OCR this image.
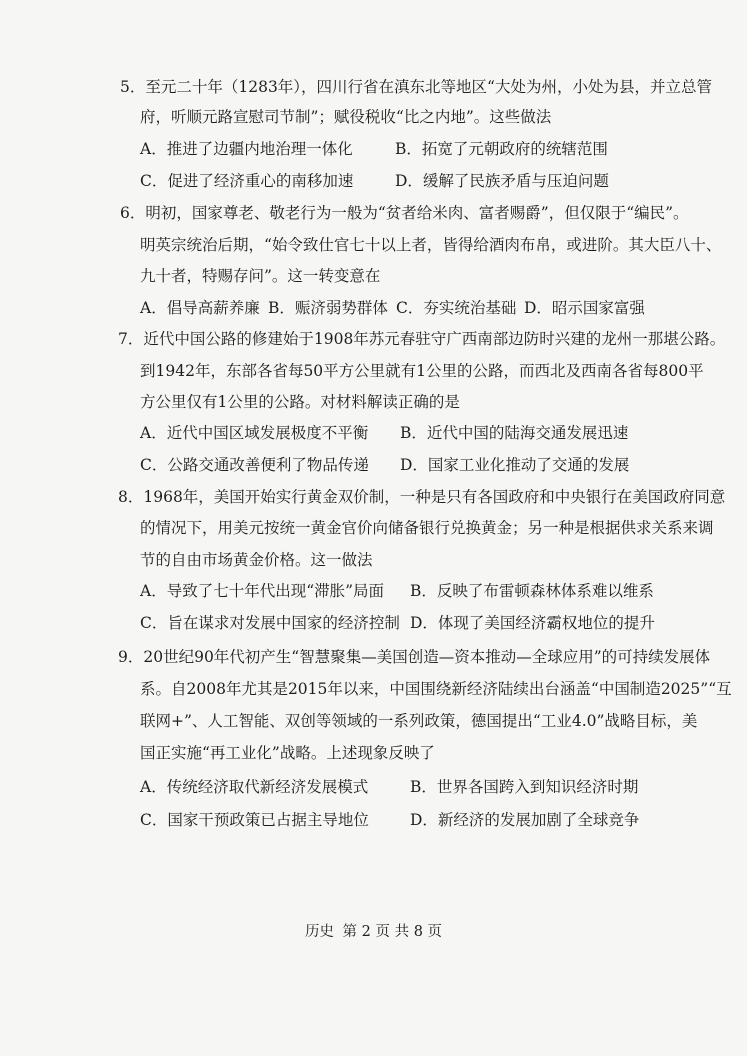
5．至元二十年（1283年），四川行省在滇东北等地区“大处为州，小处为县，并立总管
府，听顺元路宣慰司节制”；赋役税收“比之内地”。这些做法
A．推进了边疆内地治理一体化	B．拓宽了元朝政府的统辖范围
C．促进了经济重心的南移加速	D．缓解了民族矛盾与压迫问题
6．明初，国家尊老、敬老行为一般为“贫者给米肉、富者赐爵”，但仅限于“编民”。
明英宗统治后期，“始令致仕官七十以上者，皆得给酒肉布帛，或进阶。其大臣八十、
九十者，特赐存问”。这一转变意在
A．倡导高薪养廉 B．赈济弱势群体 C．夯实统治基础 D．昭示国家富强
7．近代中国公路的修建始于1908年苏元春驻守广西南部边防时兴建的龙州一那堪公路。
到1942年，东部各省每50平方公里就有1公里的公路，而西北及西南各省每800平
方公里仅有1公里的公路。对材料解读正确的是
A．近代中国区域发展极度不平衡 B．近代中国的陆海交通发展迅速
C．公路交通改善便利了物品传递 D．国家工业化推动了交通的发展
8．1968年，美国开始实行黄金双价制，一种是只有各国政府和中央银行在美国政府同意
的情况下，用美元按统一黄金官价向储备银行兑换黄金；另一种是根据供求关系来调
节的自由市场黄金价格。这一做法
A．导致了七十年代出现“滞胀”局面 B．反映了布雷顿森林体系难以维系
C．旨在谋求对发展中国家的经济控制 D．体现了美国经济霸权地位的提升
9．20世纪90年代初产生“智慧聚集—美国创造—资本推动—全球应用”的可持续发展体
系。自2008年尤其是2015年以来，中国围绕新经济陆续出台涵盖“中国制造2025”“互
联网+”、人工智能、双创等领域的一系列政策，德国提出“工业4.0”战略目标，美
国正实施“再工业化”战略。上述现象反映了
A．传统经济取代新经济发展模式	B．世界各国跨入到知识经济时期
C．国家干预政策已占据主导地位	D．新经济的发展加剧了全球竞争
历史 第 2 页 共 8 页
